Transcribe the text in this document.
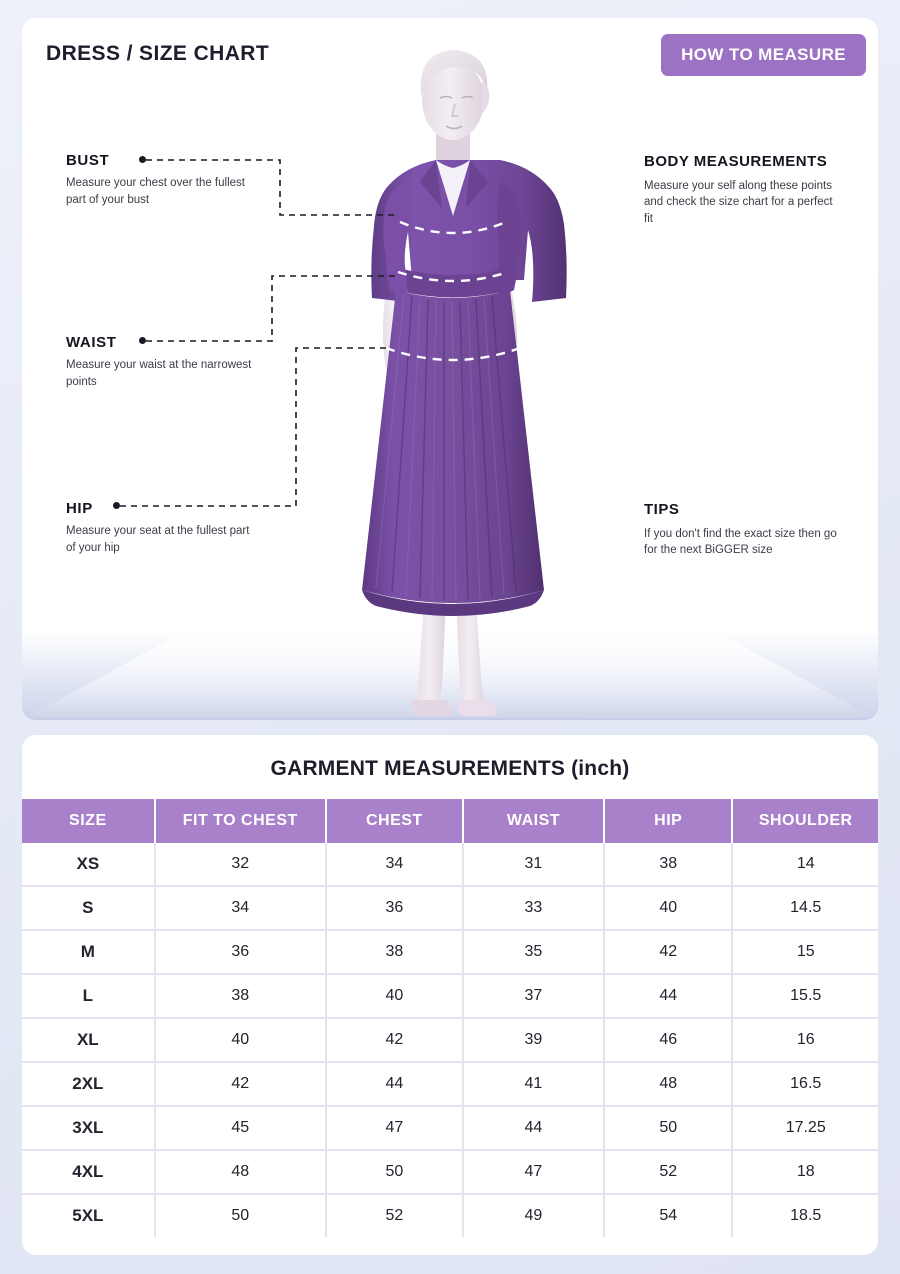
DRESS / SIZE CHART	HOW TO MEASURE
BUST
Measure your chest over the fullest part of your bust
WAIST
Measure your waist at the narrowest points
HIP
Measure your seat at the fullest part of your hip
BODY MEASUREMENTS
Measure your self along these points and check the size chart for a perfect fit
TIPS
If you don't find the exact size then go for the next BiGGER size
GARMENT MEASUREMENTS (inch)
SIZE	FIT TO CHEST	CHEST	WAIST	HIP	SHOULDER
XS	32	34	31	38	14
S	34	36	33	40	14.5
M	36	38	35	42	15
L	38	40	37	44	15.5
XL	40	42	39	46	16
2XL	42	44	41	48	16.5
3XL	45	47	44	50	17.25
4XL	48	50	47	52	18
5XL	50	52	49	54	18.5
